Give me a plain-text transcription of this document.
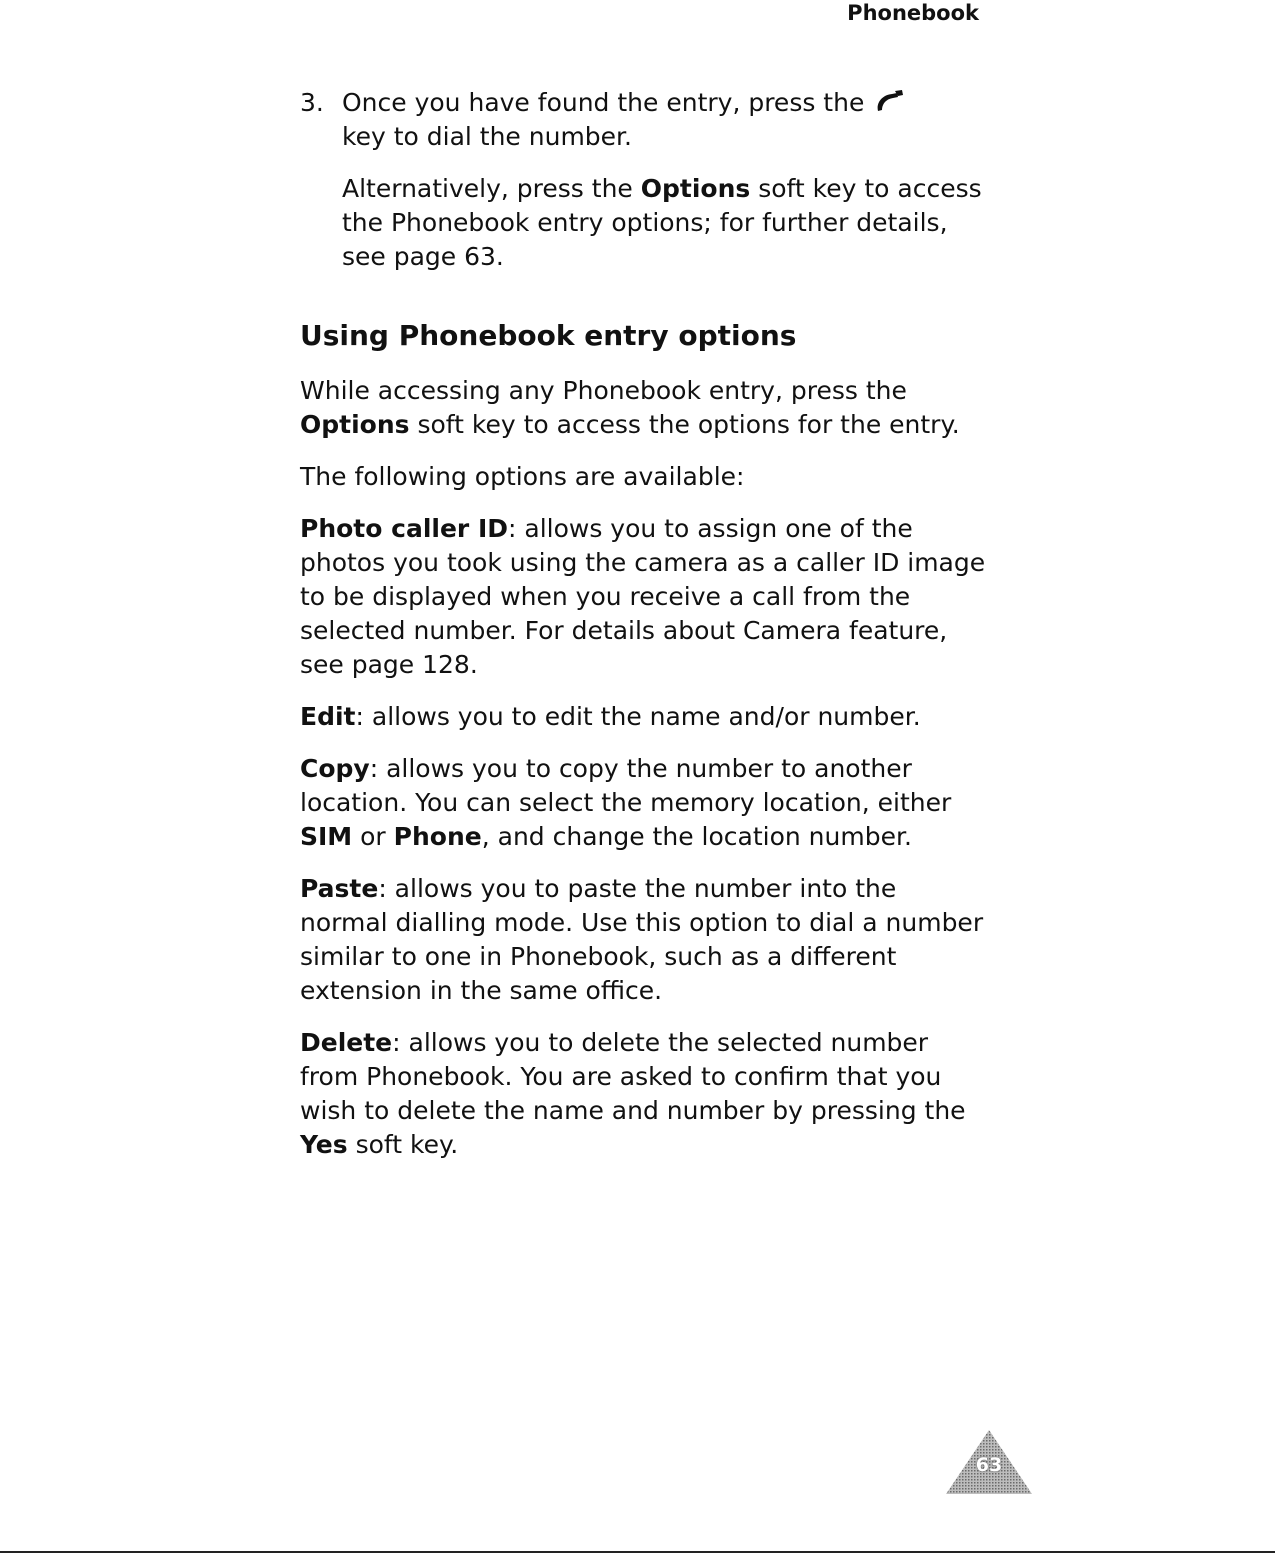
Phonebook
3. Once you have found the entry, press the
key to dial the number.

Alternatively, press the Options soft key to access the Phonebook entry options; for further details, see page 63.

Using Phonebook entry options

While accessing any Phonebook entry, press the
Options soft key to access the options for the entry.

The following options are available:

Photo caller ID: allows you to assign one of the photos you took using the camera as a caller ID image to be displayed when you receive a call from the selected number. For details about Camera feature, see page 128.

Edit: allows you to edit the name and/or number.

Copy: allows you to copy the number to another location. You can select the memory location, either SIM or Phone, and change the location number.

Paste: allows you to paste the number into the normal dialling mode. Use this option to dial a number similar to one in Phonebook, such as a different extension in the same office.

Delete: allows you to delete the selected number from Phonebook. You are asked to confirm that you wish to delete the name and number by pressing the Yes soft key.

63
